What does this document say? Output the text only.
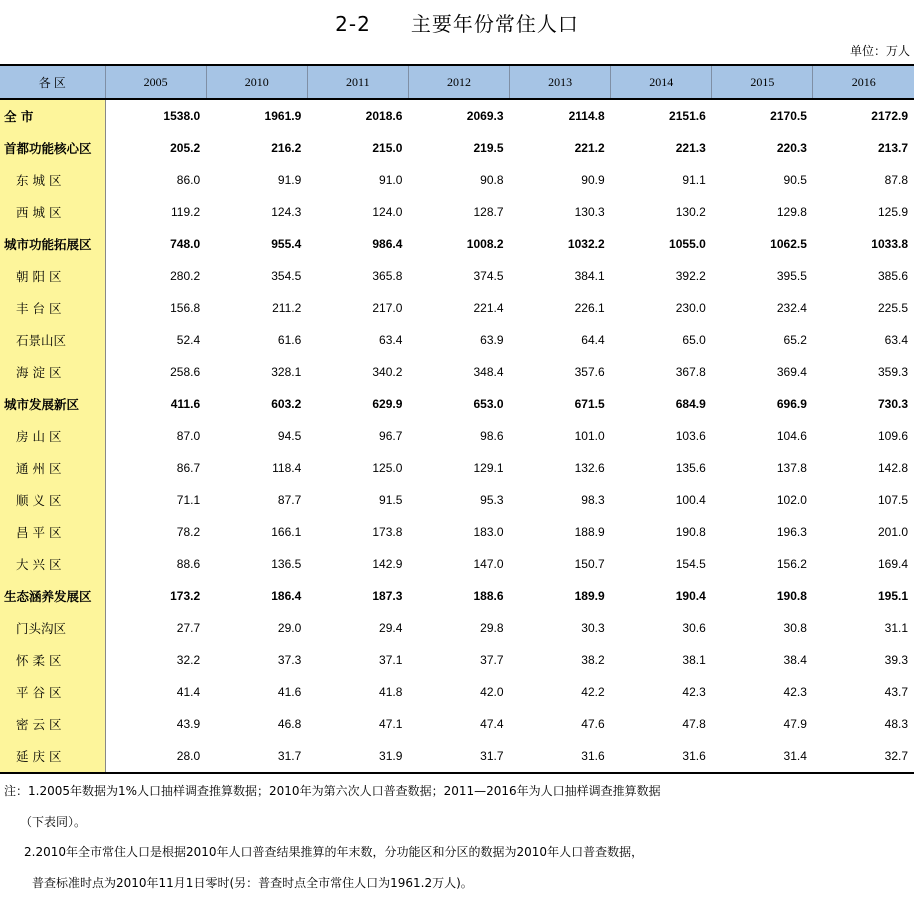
2-2 主要年份常住人口
单位：万人
各 区	2005	2010	2011	2012	2013	2014	2015	2016
全 市	1538.0	1961.9	2018.6	2069.3	2114.8	2151.6	2170.5	2172.9
首都功能核心区	205.2	216.2	215.0	219.5	221.2	221.3	220.3	213.7
东 城 区	86.0	91.9	91.0	90.8	90.9	91.1	90.5	87.8
西 城 区	119.2	124.3	124.0	128.7	130.3	130.2	129.8	125.9
城市功能拓展区	748.0	955.4	986.4	1008.2	1032.2	1055.0	1062.5	1033.8
朝 阳 区	280.2	354.5	365.8	374.5	384.1	392.2	395.5	385.6
丰 台 区	156.8	211.2	217.0	221.4	226.1	230.0	232.4	225.5
石景山区	52.4	61.6	63.4	63.9	64.4	65.0	65.2	63.4
海 淀 区	258.6	328.1	340.2	348.4	357.6	367.8	369.4	359.3
城市发展新区	411.6	603.2	629.9	653.0	671.5	684.9	696.9	730.3
房 山 区	87.0	94.5	96.7	98.6	101.0	103.6	104.6	109.6
通 州 区	86.7	118.4	125.0	129.1	132.6	135.6	137.8	142.8
顺 义 区	71.1	87.7	91.5	95.3	98.3	100.4	102.0	107.5
昌 平 区	78.2	166.1	173.8	183.0	188.9	190.8	196.3	201.0
大 兴 区	88.6	136.5	142.9	147.0	150.7	154.5	156.2	169.4
生态涵养发展区	173.2	186.4	187.3	188.6	189.9	190.4	190.8	195.1
门头沟区	27.7	29.0	29.4	29.8	30.3	30.6	30.8	31.1
怀 柔 区	32.2	37.3	37.1	37.7	38.2	38.1	38.4	39.3
平 谷 区	41.4	41.6	41.8	42.0	42.2	42.3	42.3	43.7
密 云 区	43.9	46.8	47.1	47.4	47.6	47.8	47.9	48.3
延 庆 区	28.0	31.7	31.9	31.7	31.6	31.6	31.4	32.7
注：1.2005年数据为1%人口抽样调查推算数据；2010年为第六次人口普查数据；2011—2016年为人口抽样调查推算数据
（下表同）。
2.2010年全市常住人口是根据2010年人口普查结果推算的年末数，分功能区和分区的数据为2010年人口普查数据，
普查标准时点为2010年11月1日零时(另：普查时点全市常住人口为1961.2万人)。
